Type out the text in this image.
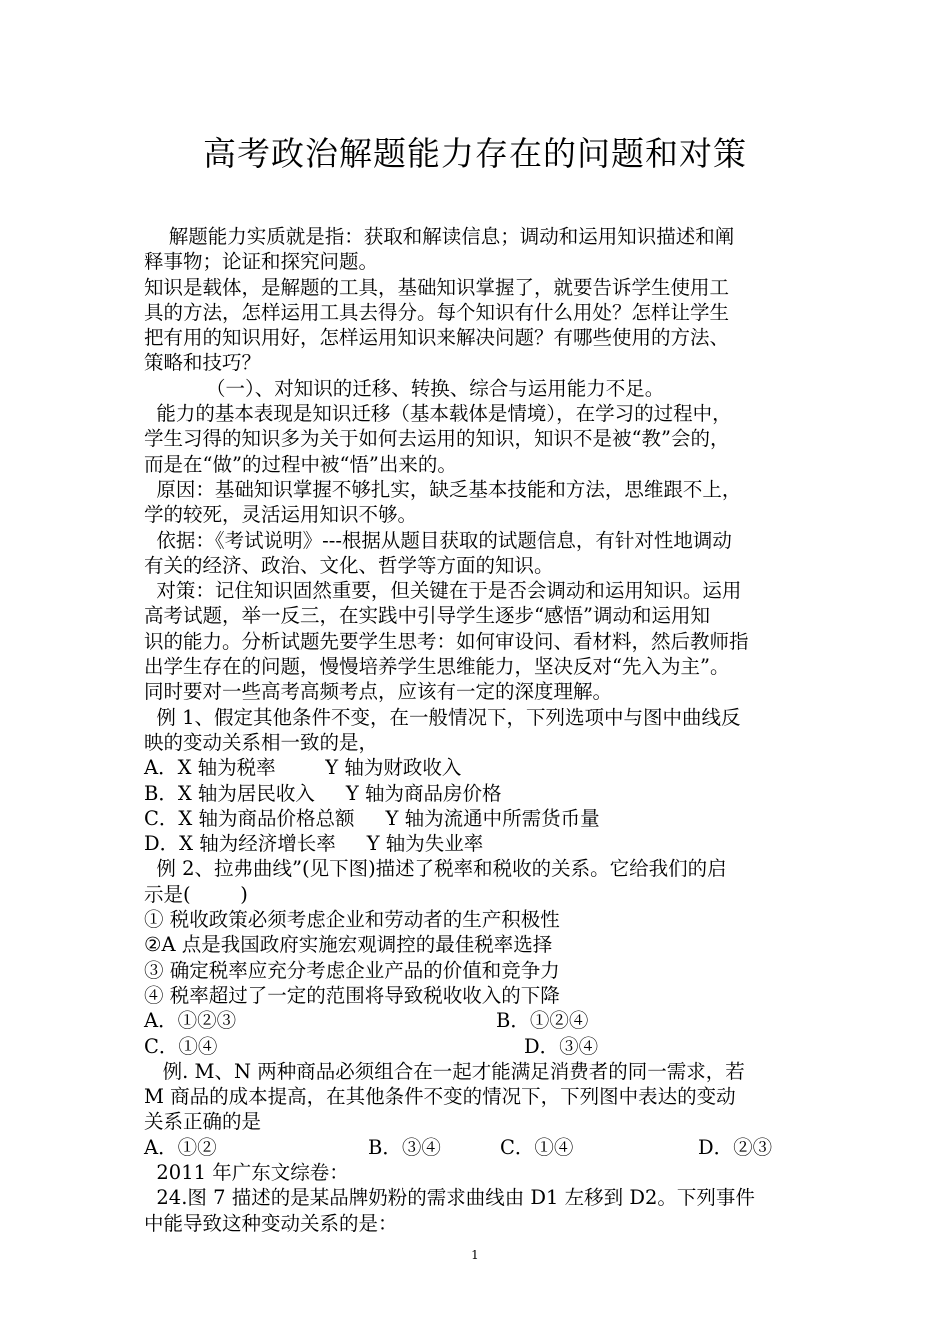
高考政治解题能力存在的问题和对策

解题能力实质就是指：获取和解读信息；调动和运用知识描述和阐

释事物；论证和探究问题。

知识是载体，是解题的工具，基础知识掌握了，就要告诉学生使用工

具的方法，怎样运用工具去得分。每个知识有什么用处？怎样让学生

把有用的知识用好，怎样运用知识来解决问题？有哪些使用的方法、

策略和技巧？

（一）、对知识的迁移、转换、综合与运用能力不足。

能力的基本表现是知识迁移（基本载体是情境），在学习的过程中，

学生习得的知识多为关于如何去运用的知识，知识不是被“教”会的，

而是在“做”的过程中被“悟”出来的。

原因：基础知识掌握不够扎实，缺乏基本技能和方法，思维跟不上，

学的较死，灵活运用知识不够。

依据：《考试说明》---根据从题目获取的试题信息，有针对性地调动

有关的经济、政治、文化、哲学等方面的知识。

对策：记住知识固然重要，但关键在于是否会调动和运用知识。运用

高考试题，举一反三，在实践中引导学生逐步“感悟”调动和运用知

识的能力。分析试题先要学生思考：如何审设问、看材料，然后教师指

出学生存在的问题，慢慢培养学生思维能力，坚决反对“先入为主”。

同时要对一些高考高频考点，应该有一定的深度理解。

例 1、假定其他条件不变，在一般情况下，下列选项中与图中曲线反

映的变动关系相一致的是，

A．X 轴为税率        Y 轴为财政收入

B．X 轴为居民收入     Y 轴为商品房价格

C．X 轴为商品价格总额     Y 轴为流通中所需货币量

D．X 轴为经济增长率     Y 轴为失业率

例 2、拉弗曲线”(见下图)描述了税率和税收的关系。它给我们的启

示是(        )

① 税收政策必须考虑企业和劳动者的生产积极性

②A 点是我国政府实施宏观调控的最佳税率选择

③ 确定税率应充分考虑企业产品的价值和竞争力

④ 税率超过了一定的范围将导致税收收入的下降

A．①②③	B．①②④
C．①④	D．③④

例. M、N 两种商品必须组合在一起才能满足消费者的同一需求，若

M 商品的成本提高，在其他条件不变的情况下，下列图中表达的变动

关系正确的是

A．①②	B．③④	C．①④	D．②③

2011 年广东文综卷：

24.图 7 描述的是某品牌奶粉的需求曲线由 D1 左移到 D2。下列事件

中能导致这种变动关系的是：

1
